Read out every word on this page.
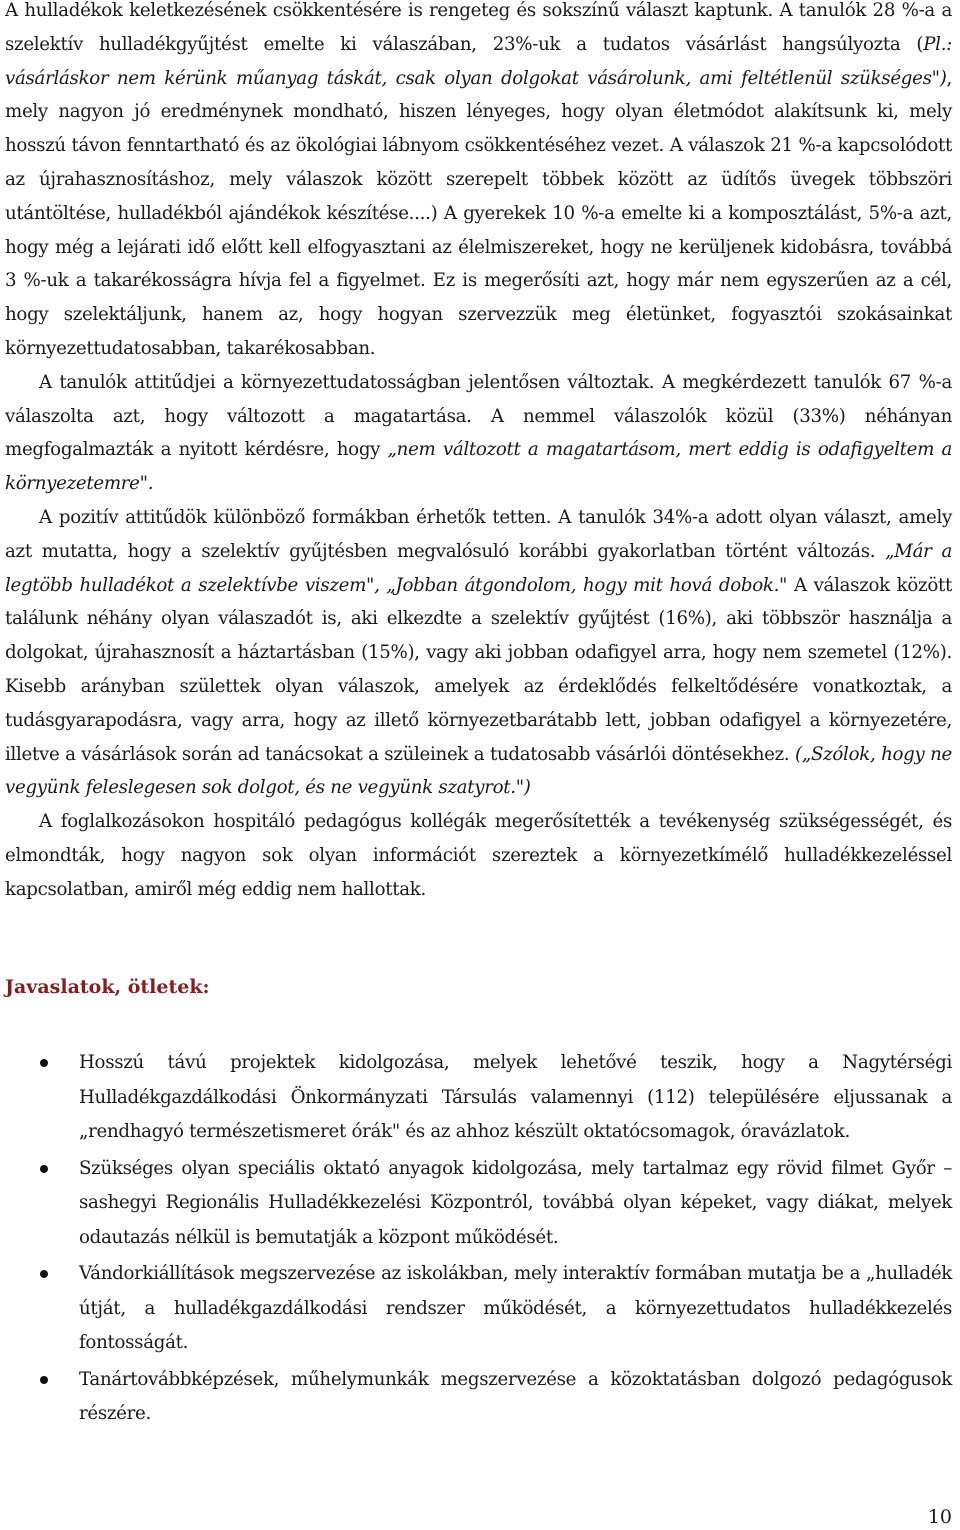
A hulladékok keletkezésének csökkentésére is rengeteg és sokszínű választ kaptunk. A tanulók 28 %-a a szelektív hulladékgyűjtést emelte ki válaszában, 23%-uk a tudatos vásárlást hangsúlyozta (Pl.: vásárláskor nem kérünk műanyag táskát, csak olyan dolgokat vásárolunk, ami feltétlenül szükséges"), mely nagyon jó eredménynek mondható, hiszen lényeges, hogy olyan életmódot alakítsunk ki, mely hosszú távon fenntartható és az ökológiai lábnyom csökkentéséhez vezet. A válaszok 21 %-a kapcsolódott az újrahasznosításhoz, mely válaszok között szerepelt többek között az üdítős üvegek többszöri utántöltése, hulladékból ajándékok készítése....) A gyerekek 10 %-a emelte ki a komposztálást, 5%-a azt, hogy még a lejárati idő előtt kell elfogyasztani az élelmiszereket, hogy ne kerüljenek kidobásra, továbbá 3 %-uk a takarékosságra hívja fel a figyelmet. Ez is megerősíti azt, hogy már nem egyszerűen az a cél, hogy szelektáljunk, hanem az, hogy hogyan szervezzük meg életünket, fogyasztói szokásainkat környezettudatosabban, takarékosabban.

A tanulók attitűdjei a környezettudatosságban jelentősen változtak. A megkérdezett tanulók 67 %-a válaszolta azt, hogy változott a magatartása. A nemmel válaszolók közül (33%) néhányan megfogalmazták a nyitott kérdésre, hogy „nem változott a magatartásom, mert eddig is odafigyeltem a környezetemre".

A pozitív attitűdök különböző formákban érhetők tetten. A tanulók 34%-a adott olyan választ, amely azt mutatta, hogy a szelektív gyűjtésben megvalósuló korábbi gyakorlatban történt változás. „Már a legtöbb hulladékot a szelektívbe viszem", „Jobban átgondolom, hogy mit hová dobok." A válaszok között találunk néhány olyan válaszadót is, aki elkezdte a szelektív gyűjtést (16%), aki többször használja a dolgokat, újrahasznosít a háztartásban (15%), vagy aki jobban odafigyel arra, hogy nem szemetel (12%). Kisebb arányban születtek olyan válaszok, amelyek az érdeklődés felkeltődésére vonatkoztak, a tudásgyarapodásra, vagy arra, hogy az illető környezetbarátabb lett, jobban odafigyel a környezetére, illetve a vásárlások során ad tanácsokat a szüleinek a tudatosabb vásárlói döntésekhez. („Szólok, hogy ne vegyünk feleslegesen sok dolgot, és ne vegyünk szatyrot.")

A foglalkozásokon hospitáló pedagógus kollégák megerősítették a tevékenység szükségességét, és elmondták, hogy nagyon sok olyan információt szereztek a környezetkímélő hulladékkezeléssel kapcsolatban, amiről még eddig nem hallottak.

Javaslatok, ötletek:
Hosszú távú projektek kidolgozása, melyek lehetővé teszik, hogy a Nagytérségi Hulladékgazdálkodási Önkormányzati Társulás valamennyi (112) településére eljussanak a „rendhagyó természetismeret órák" és az ahhoz készült oktatócsomagok, óravázlatok.
Szükséges olyan speciális oktató anyagok kidolgozása, mely tartalmaz egy rövid filmet Győr – sashegyi Regionális Hulladékkezelési Központról, továbbá olyan képeket, vagy diákat, melyek odautazás nélkül is bemutatják a központ működését.
Vándorkiállítások megszervezése az iskolákban, mely interaktív formában mutatja be a „hulladék útját, a hulladékgazdálkodási rendszer működését, a környezettudatos hulladékkezelés fontosságát.
Tanártovábbképzések, műhelymunkák megszervezése a közoktatásban dolgozó pedagógusok részére.
10
